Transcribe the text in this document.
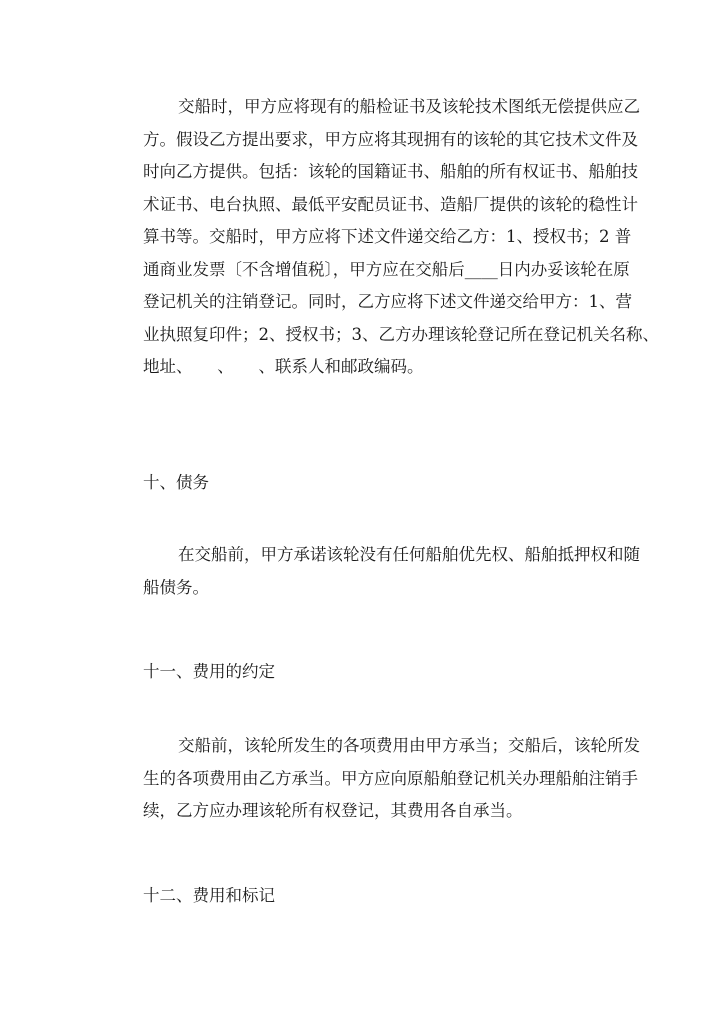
交船时，甲方应将现有的船检证书及该轮技术图纸无偿提供应乙
方。假设乙方提出要求，甲方应将其现拥有的该轮的其它技术文件及
时向乙方提供。包括：该轮的国籍证书、船舶的所有权证书、船舶技
术证书、电台执照、最低平安配员证书、造船厂提供的该轮的稳性计
算书等。交船时，甲方应将下述文件递交给乙方：1、授权书；2 普
通商业发票〔不含增值税〕，甲方应在交船后____日内办妥该轮在原
登记机关的注销登记。同时，乙方应将下述文件递交给甲方：1、营
业执照复印件；2、授权书；3、乙方办理该轮登记所在登记机关名称、
地址、　　、　　、联系人和邮政编码。
十、债务
在交船前，甲方承诺该轮没有任何船舶优先权、船舶抵押权和随
船债务。
十一、费用的约定
交船前，该轮所发生的各项费用由甲方承当；交船后，该轮所发
生的各项费用由乙方承当。甲方应向原船舶登记机关办理船舶注销手
续，乙方应办理该轮所有权登记，其费用各自承当。
十二、费用和标记
